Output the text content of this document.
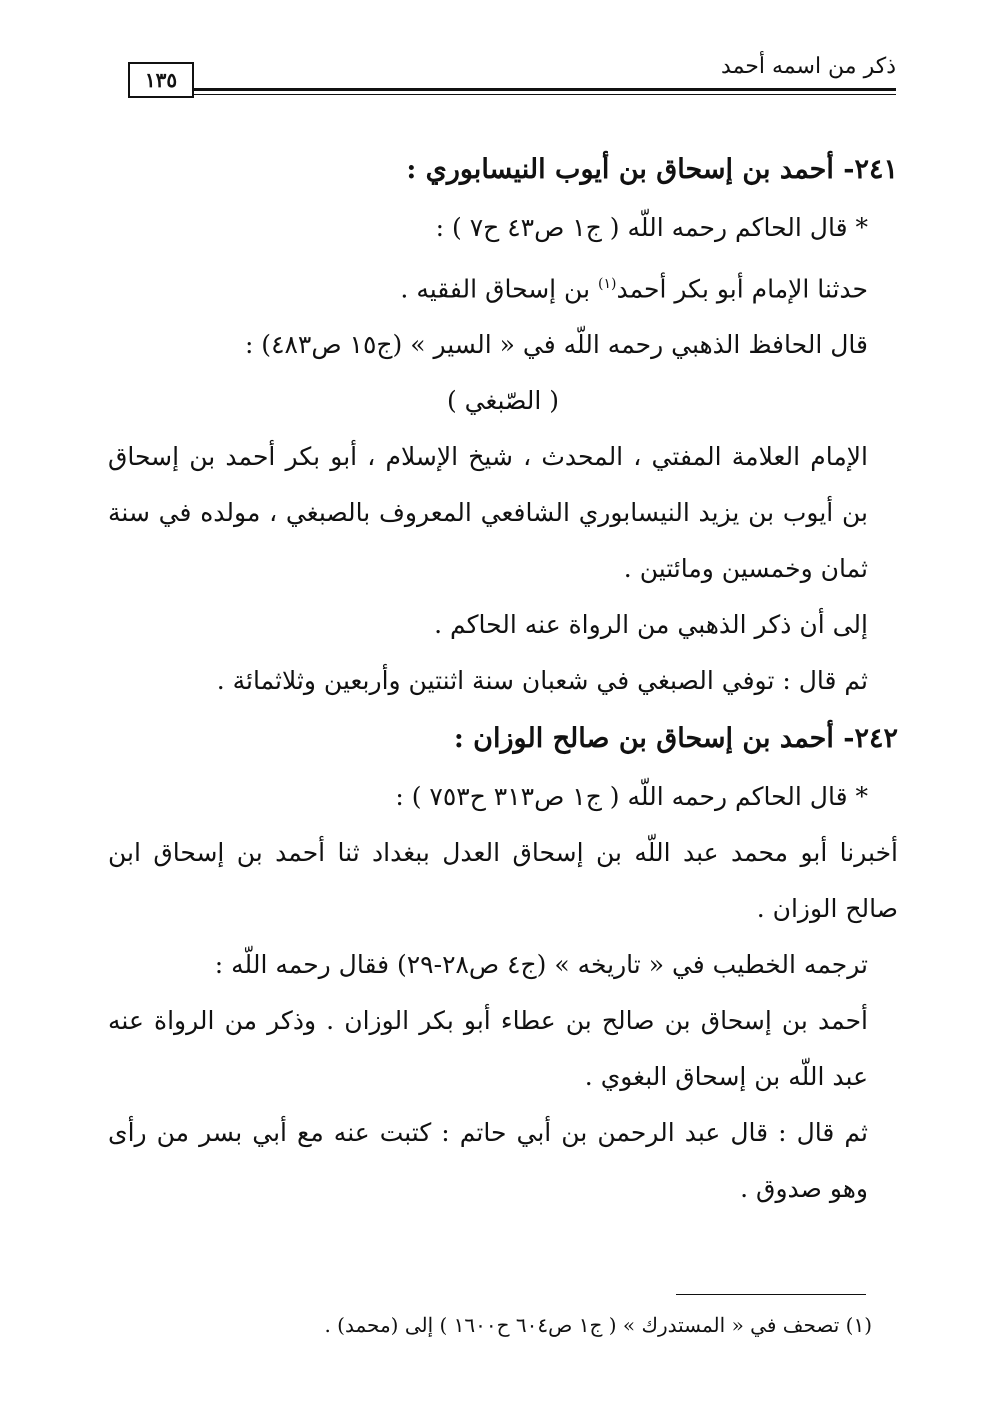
١٣٥
ذكر من اسمه أحمد
٢٤١- أحمد بن إسحاق بن أيوب النيسابوري :
* قال الحاكم رحمه اللّه ( ج١ ص٤٣ ح٧ ) :
حدثنا الإمام أبو بكر أحمد$^{(١)}$ بن إسحاق الفقيه .
قال الحافظ الذهبي رحمه اللّه في « السير » (ج١٥ ص٤٨٣) :
( الصّبغي )
الإمام العلامة المفتي ، المحدث ، شيخ الإسلام ، أبو بكر أحمد بن إسحاق بن أيوب بن يزيد النيسابوري الشافعي المعروف بالصبغي ، مولده في سنة ثمان وخمسين ومائتين .
إلى أن ذكر الذهبي من الرواة عنه الحاكم .
ثم قال : توفي الصبغي في شعبان سنة اثنتين وأربعين وثلاثمائة .
٢٤٢- أحمد بن إسحاق بن صالح الوزان :
* قال الحاكم رحمه اللّه ( ج١ ص٣١٣ ح٧٥٣ ) :
أخبرنا أبو محمد عبد اللّه بن إسحاق العدل ببغداد ثنا أحمد بن إسحاق ابن صالح الوزان .
ترجمه الخطيب في « تاريخه » (ج٤ ص٢٨-٢٩) فقال رحمه اللّه :
أحمد بن إسحاق بن صالح بن عطاء أبو بكر الوزان . وذكر من الرواة عنه عبد اللّه بن إسحاق البغوي .
ثم قال : قال عبد الرحمن بن أبي حاتم : كتبت عنه مع أبي بسر من رأى وهو صدوق .
(١) تصحف في « المستدرك » ( ج١ ص٦٠٤ ح١٦٠٠ ) إلى (محمد) .
